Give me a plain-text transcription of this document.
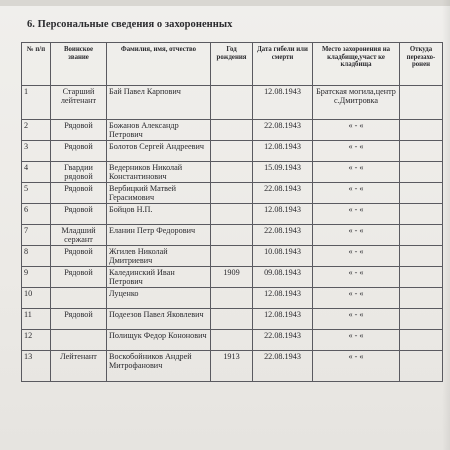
6. Персональные сведения о захороненных
№ п/п	Воинское звание	Фамилия, имя, отчество	Год рождения	Дата гибели или смерти	Место захоронения на кладбище,участ ке кладбища	Откуда перезахо-ронен
1	Старший лейтенант	Бай Павел Карпович		12.08.1943	Братская могила,центр с.Дмитровка	
2	Рядовой	Божанов Александр Петрович		22.08.1943	« - «	
3	Рядовой	Болотов Сергей Андреевич		12.08.1943	« - «	
4	Гвардии рядовой	Ведерников Николай Константинович		15.09.1943	« - «	
5	Рядовой	Вербицкий Матвей Герасимович		22.08.1943	« - «	
6	Рядовой	Бойцов Н.П.		12.08.1943	« - «	
7	Младший сержант	Еланин Петр Федорович		22.08.1943	« - «	
8	Рядовой	Жгилев Николай Дмитриевич		10.08.1943	« - «	
9	Рядовой	Калединский Иван Петрович	1909	09.08.1943	« - «	
10		Луценко		12.08.1943	« - «	
11	Рядовой	Подеезов Павел Яковлевич		12.08.1943	« - «	
12		Полищук Федор Кононович		22.08.1943	« - «	
13	Лейтенант	Воскобойников Андрей Митрофанович	1913	22.08.1943	« - «	
